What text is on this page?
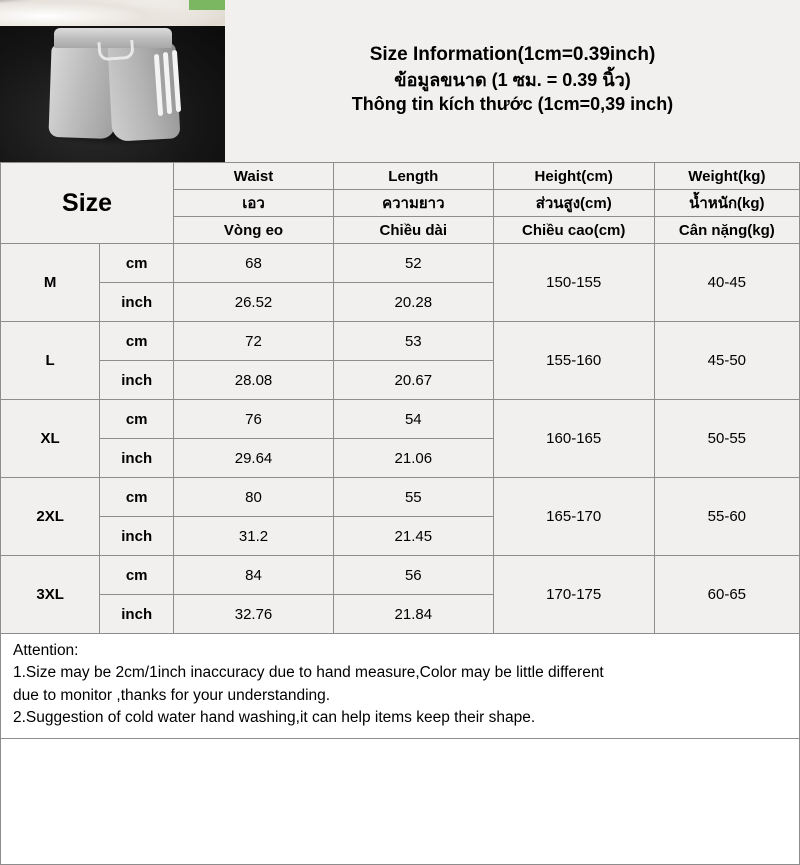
Size Information(1cm=0.39inch)
ข้อมูลขนาด (1 ซม. = 0.39 นิ้ว)
Thông tin kích thước (1cm=0,39 inch)
Size		Waist	Length	Height(cm)	Weight(kg)
		เอว	ความยาว	ส่วนสูง(cm)	น้ำหนัก(kg)
		Vòng eo	Chiều dài	Chiều cao(cm)	Cân nặng(kg)
M	cm	68	52	150-155	40-45
	inch	26.52	20.28		
L	cm	72	53	155-160	45-50
	inch	28.08	20.67		
XL	cm	76	54	160-165	50-55
	inch	29.64	21.06		
2XL	cm	80	55	165-170	55-60
	inch	31.2	21.45		
3XL	cm	84	56	170-175	60-65
	inch	32.76	21.84		
Attention:
1.Size may be 2cm/1inch inaccuracy due to hand measure,Color may be little different
due to monitor ,thanks for your understanding.
2.Suggestion of cold water hand washing,it can help items keep their shape.
